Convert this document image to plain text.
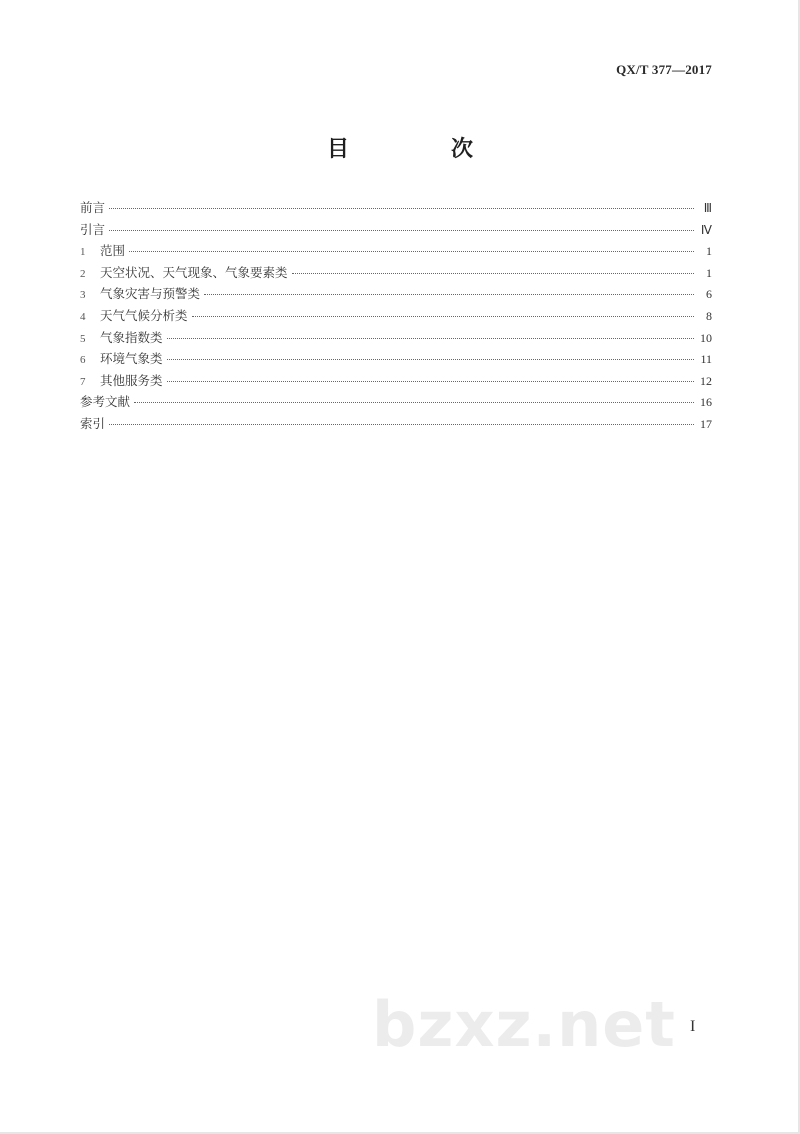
QX/T 377—2017
目　次
前言	Ⅲ
引言	Ⅳ
1	范围	1
2	天空状况、天气现象、气象要素类	1
3	气象灾害与预警类	6
4	天气气候分析类	8
5	气象指数类	10
6	环境气象类	11
7	其他服务类	12
参考文献	16
索引	17
bzxz.net I
